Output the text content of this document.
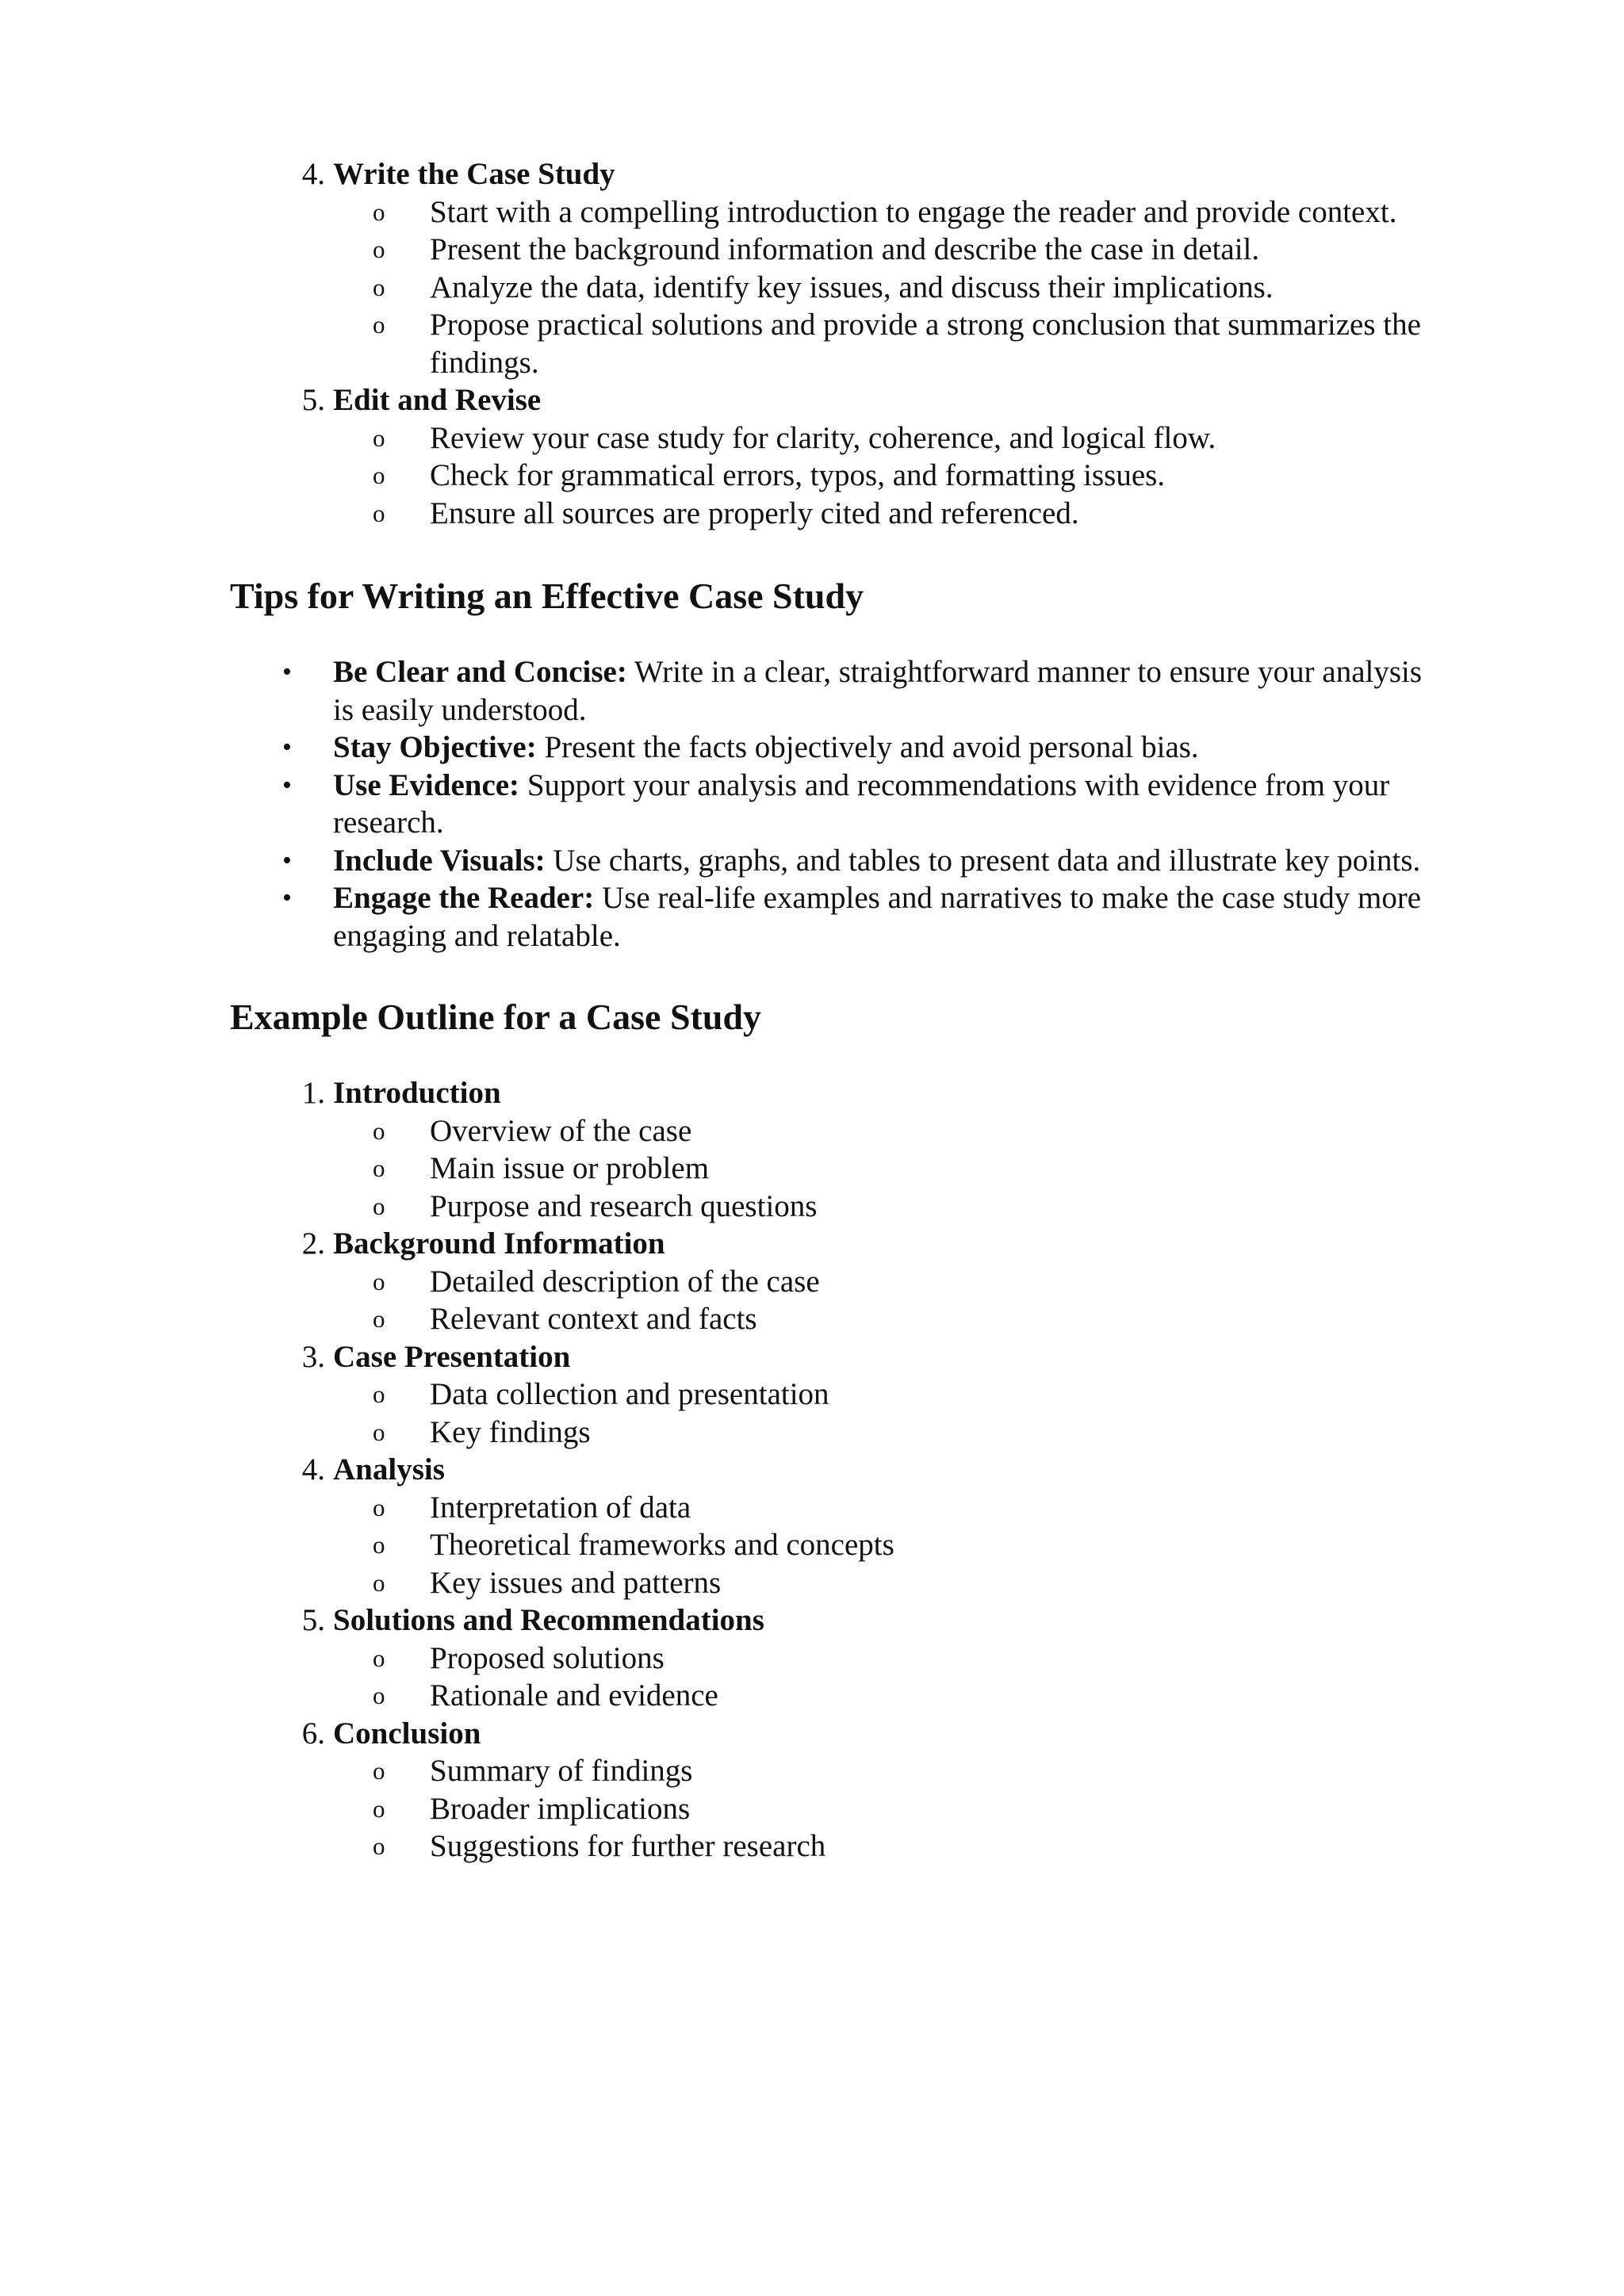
4. Write the Case Study
o Start with a compelling introduction to engage the reader and provide context.
o Present the background information and describe the case in detail.
o Analyze the data, identify key issues, and discuss their implications.
o Propose practical solutions and provide a strong conclusion that summarizes the
findings.
5. Edit and Revise
o Review your case study for clarity, coherence, and logical flow.
o Check for grammatical errors, typos, and formatting issues.
o Ensure all sources are properly cited and referenced.
Tips for Writing an Effective Case Study
• Be Clear and Concise: Write in a clear, straightforward manner to ensure your analysis
is easily understood.
• Stay Objective: Present the facts objectively and avoid personal bias.
• Use Evidence: Support your analysis and recommendations with evidence from your
research.
• Include Visuals: Use charts, graphs, and tables to present data and illustrate key points.
• Engage the Reader: Use real-life examples and narratives to make the case study more
engaging and relatable.
Example Outline for a Case Study
1. Introduction
o Overview of the case
o Main issue or problem
o Purpose and research questions
2. Background Information
o Detailed description of the case
o Relevant context and facts
3. Case Presentation
o Data collection and presentation
o Key findings
4. Analysis
o Interpretation of data
o Theoretical frameworks and concepts
o Key issues and patterns
5. Solutions and Recommendations
o Proposed solutions
o Rationale and evidence
6. Conclusion
o Summary of findings
o Broader implications
o Suggestions for further research
